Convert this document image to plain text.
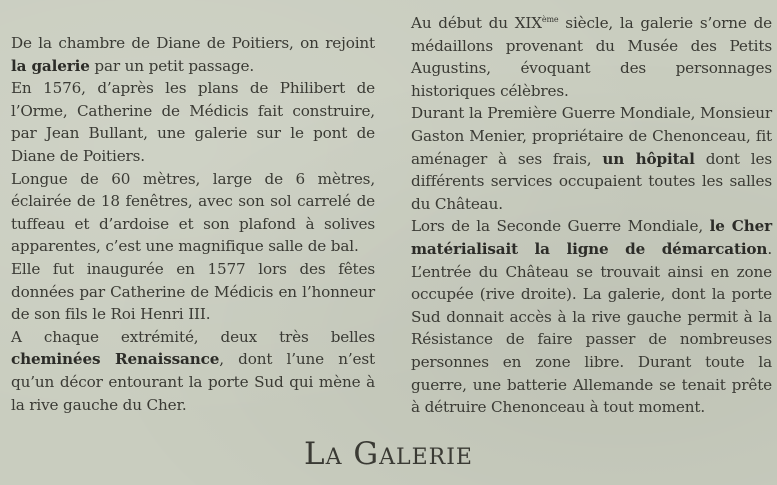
De la chambre de Diane de Poitiers, on rejoint la galerie par un petit passage.

En 1576, d’après les plans de Philibert de l’Orme, Catherine de Médicis fait construire, par Jean Bullant, une galerie sur le pont de Diane de Poitiers.

Longue de 60 mètres, large de 6 mètres, éclairée de 18 fenêtres, avec son sol carrelé de tuffeau et d’ardoise et son plafond à solives apparentes, c’est une magnifique salle de bal.

Elle fut inaugurée en 1577 lors des fêtes données par Catherine de Médicis en l’honneur de son fils le Roi Henri III.

A chaque extrémité, deux très belles cheminées Renaissance, dont l’une n’est qu’un décor entourant la porte Sud qui mène à la rive gauche du Cher.

Au début du XIXème siècle, la galerie s’orne de médaillons provenant du Musée des Petits Augustins, évoquant des personnages historiques célèbres.

Durant la Première Guerre Mondiale, Monsieur Gaston Menier, propriétaire de Chenonceau, fit aménager à ses frais, un hôpital dont les différents services occupaient toutes les salles du Château.

Lors de la Seconde Guerre Mondiale, le Cher matérialisait la ligne de démarcation. L’entrée du Château se trouvait ainsi en zone occupée (rive droite). La galerie, dont la porte Sud donnait accès à la rive gauche permit à la Résistance de faire passer de nombreuses personnes en zone libre. Durant toute la guerre, une batterie Allemande se tenait prête à détruire Chenonceau à tout moment.

La Galerie
